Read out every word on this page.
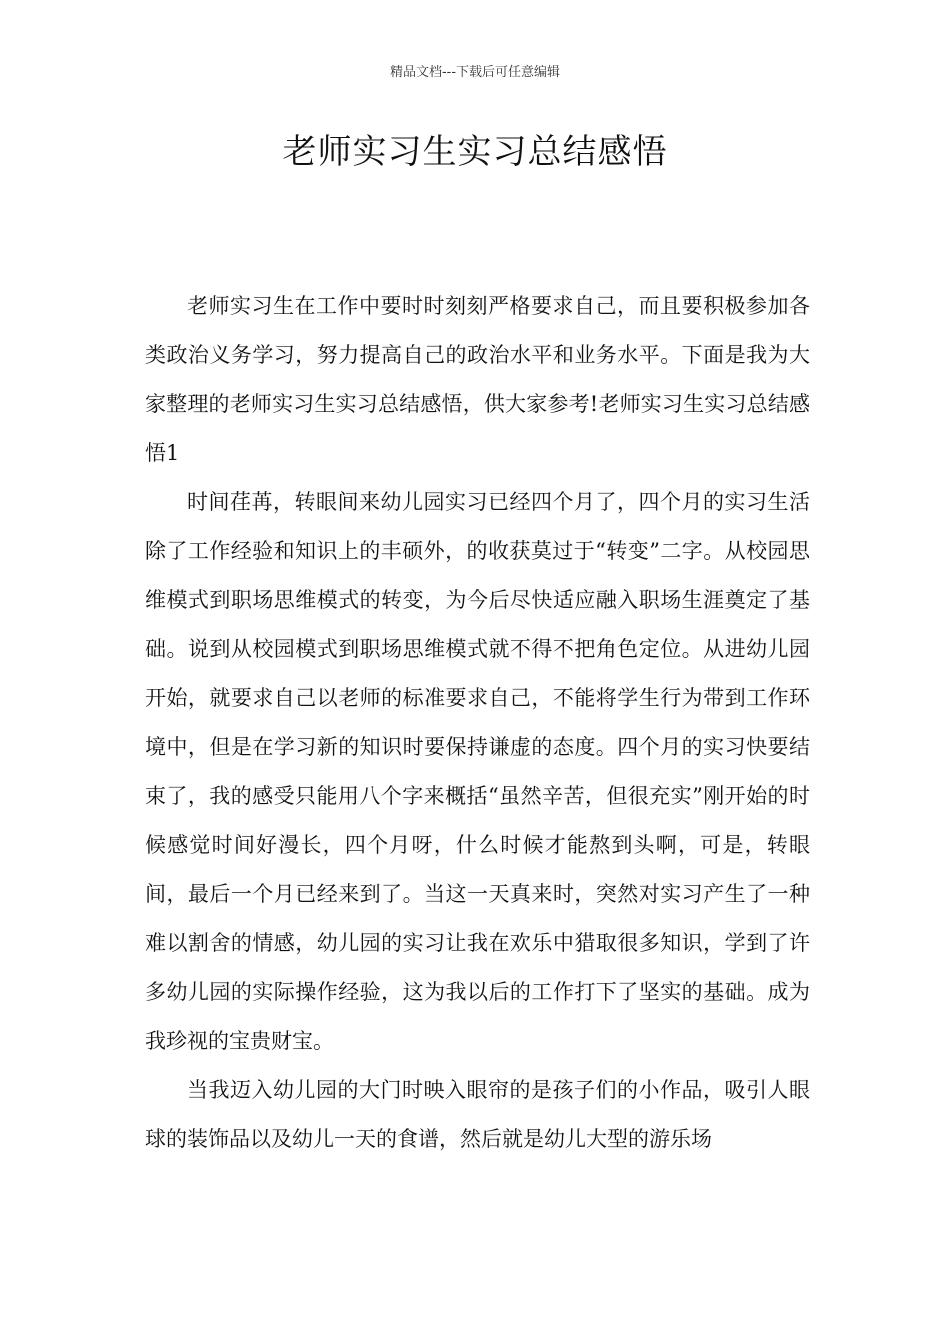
精品文档---下载后可任意编辑
老师实习生实习总结感悟

老师实习生在工作中要时时刻刻严格要求自己，而且要积极参加各类政治义务学习，努力提高自己的政治水平和业务水平。下面是我为大家整理的老师实习生实习总结感悟，供大家参考!老师实习生实习总结感悟1

时间荏苒，转眼间来幼儿园实习已经四个月了，四个月的实习生活除了工作经验和知识上的丰硕外，的收获莫过于“转变”二字。从校园思维模式到职场思维模式的转变，为今后尽快适应融入职场生涯奠定了基础。说到从校园模式到职场思维模式就不得不把角色定位。从进幼儿园开始，就要求自己以老师的标准要求自己，不能将学生行为带到工作环境中，但是在学习新的知识时要保持谦虚的态度。四个月的实习快要结束了，我的感受只能用八个字来概括“虽然辛苦，但很充实”刚开始的时候感觉时间好漫长，四个月呀，什么时候才能熬到头啊，可是，转眼间，最后一个月已经来到了。当这一天真来时，突然对实习产生了一种难以割舍的情感，幼儿园的实习让我在欢乐中猎取很多知识，学到了许多幼儿园的实际操作经验，这为我以后的工作打下了坚实的基础。成为我珍视的宝贵财宝。

当我迈入幼儿园的大门时映入眼帘的是孩子们的小作品，吸引人眼球的装饰品以及幼儿一天的食谱，然后就是幼儿大型的游乐场
